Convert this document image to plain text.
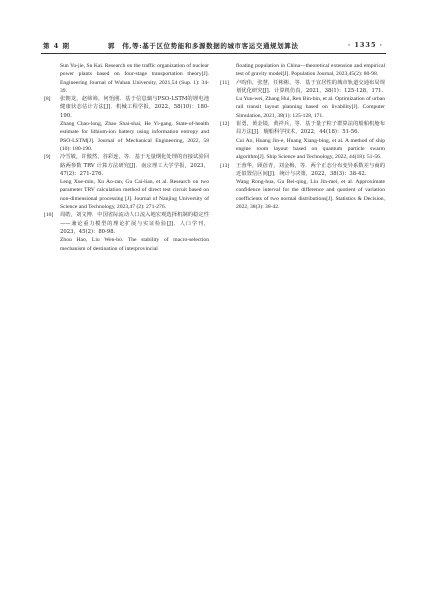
第 4 期	郭　伟,等:基于区位势能和多源数据的城市客运交通规划算法	· 1335 ·

Sun Yu-jie, Su Kai. Research on the traffic organization of nuclear power plants based on four-stage transportation theory[J]. Engineering Journal of Wuhan University, 2021,54 (Sup. 1): 34-39.

[8] 张朝龙，赵筛筛，何怡刚．基于信息熵与PSO-LSTM的锂电池健康状态估计方法[J]．机械工程学报，2022，58(10)：180-190.

Zhang Chao-long, Zhao Shai-shai, He Yi-gang. State-of-health estimate for lithium-ion battery using information entropy and PSO-LSTM[J]. Journal of Mechanical Engineering, 2022, 58 (10): 180-190.

[9] 冷雪敏，许傲然，谷彩连，等．基于无量纲化处理的直接试验回路两参数 TRV 计算方法研究[J]．南京理工大学学报，2023，47(2)：271-276.

Leng Xue-min, Xu Ao-ran, Gu Cai-lian, et al. Research on two parameter TRV calculation method of direct test circuit based on non-dimensional processing [J]. Journal of Nanjing University of Science and Technology, 2023,47 (2): 271-276.

[10] 周皓，刘文博．中国省际流动人口流入地宏观选择机制的稳定性——兼论重力模型的理论扩展与实证检验[J]．人口学刊，2023，45(2)：80-98.

Zhou Hao, Liu Wen-bo. The stability of macro-selection mechanism of destination of interprovincial

floating population in China—theoretical extension and empirical test of gravity model[J]. Population Journal, 2023,45(2): 80-98.

[11] 卢昀伟，张慧，任彬彬，等．基于宜居性的城市轨道交通布局规划优化研究[J]．计算机仿真，2021，38(1)：125-128，171.

Lu Yun-wei, Zhang Hui, Ren Bin-bin, et al. Optimization of urban rail transit layout planning based on livability[J]. Computer Simulation, 2021, 38(1): 125-128, 171.

[12] 崔勇，黄金镜，黄祥兵，等．基于量子粒子群算法的船舶机舱布局方法[J]．舰船科学技术，2022，44(18)：51-56.

Cui Ao, Huang Jin-e, Huang Xiang-bing, et al. A method of ship engine room layout based on quantum particle swarm algorithm[J]. Ship Science and Technology, 2022, 44(18): 51-56.

[13] 王蓉华，顾蓓青，刘金梅，等．两个正态分布变异系数差与商的近似置信区间[J]．统计与决策，2022，38(3)：38-42.

Wang Rong-hua, Gu Bei-qing, Liu Jin-mei, et al. Approximate confidence interval for the difference and quotient of variation coefficients of two normal distributions[J]. Statistics & Decision, 2022, 38(3): 38-42.
